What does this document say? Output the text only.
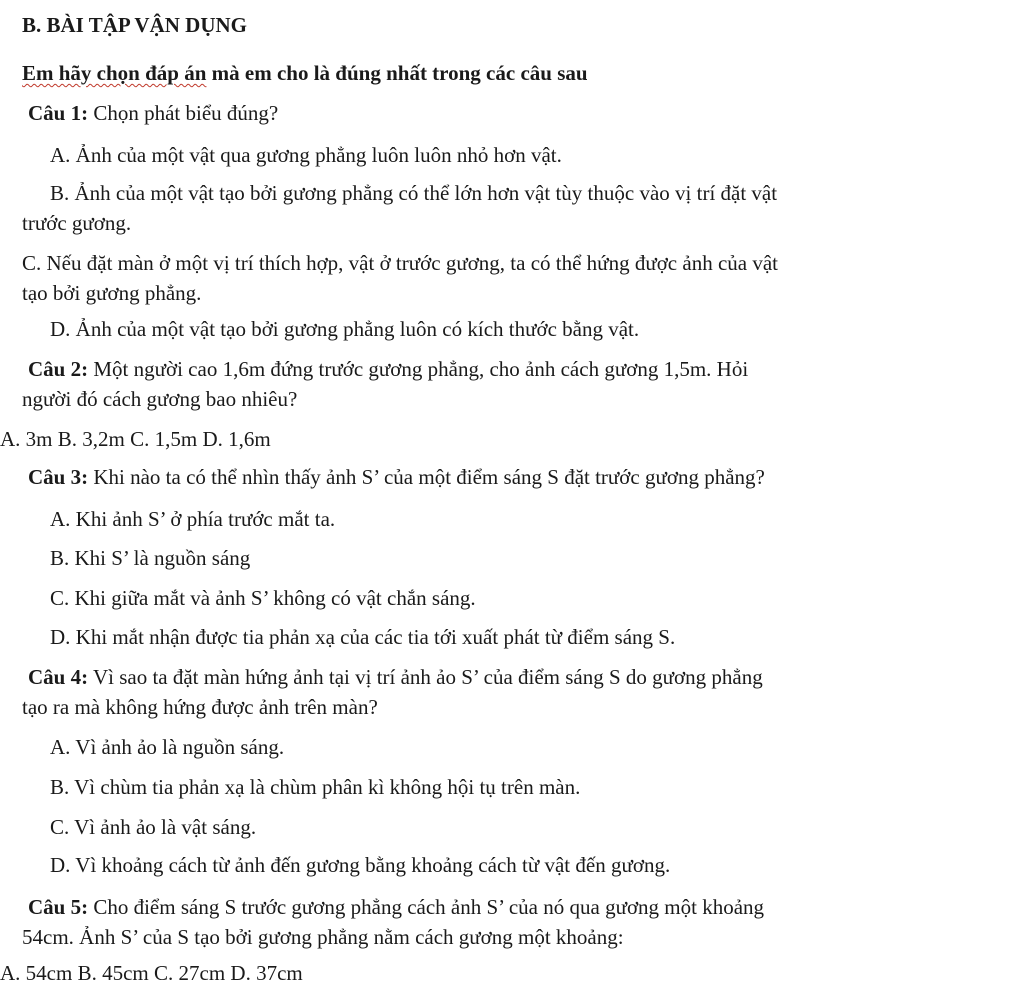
B. BÀI TẬP VẬN DỤNG
Em hãy chọn đáp án mà em cho là đúng nhất trong các câu sau
Câu 1: Chọn phát biểu đúng?
A. Ảnh của một vật qua gương phẳng luôn luôn nhỏ hơn vật.
B. Ảnh của một vật tạo bởi gương phẳng có thể lớn hơn vật tùy thuộc vào vị trí đặt vật
trước gương.
C. Nếu đặt màn ở một vị trí thích hợp, vật ở trước gương, ta có thể hứng được ảnh của vật
tạo bởi gương phẳng.
D. Ảnh của một vật tạo bởi gương phẳng luôn có kích thước bằng vật.
Câu 2: Một người cao 1,6m đứng trước gương phẳng, cho ảnh cách gương 1,5m. Hỏi
người đó cách gương bao nhiêu?
A. 3m B. 3,2m C. 1,5m D. 1,6m
Câu 3: Khi nào ta có thể nhìn thấy ảnh S’ của một điểm sáng S đặt trước gương phẳng?
A. Khi ảnh S’ ở phía trước mắt ta.
B. Khi S’ là nguồn sáng
C. Khi giữa mắt và ảnh S’ không có vật chắn sáng.
D. Khi mắt nhận được tia phản xạ của các tia tới xuất phát từ điểm sáng S.
Câu 4: Vì sao ta đặt màn hứng ảnh tại vị trí ảnh ảo S’ của điểm sáng S do gương phẳng
tạo ra mà không hứng được ảnh trên màn?
A. Vì ảnh ảo là nguồn sáng.
B. Vì chùm tia phản xạ là chùm phân kì không hội tụ trên màn.
C. Vì ảnh ảo là vật sáng.
D. Vì khoảng cách từ ảnh đến gương bằng khoảng cách từ vật đến gương.
Câu 5: Cho điểm sáng S trước gương phẳng cách ảnh S’ của nó qua gương một khoảng
54cm. Ảnh S’ của S tạo bởi gương phẳng nằm cách gương một khoảng:
A. 54cm B. 45cm C. 27cm D. 37cm
